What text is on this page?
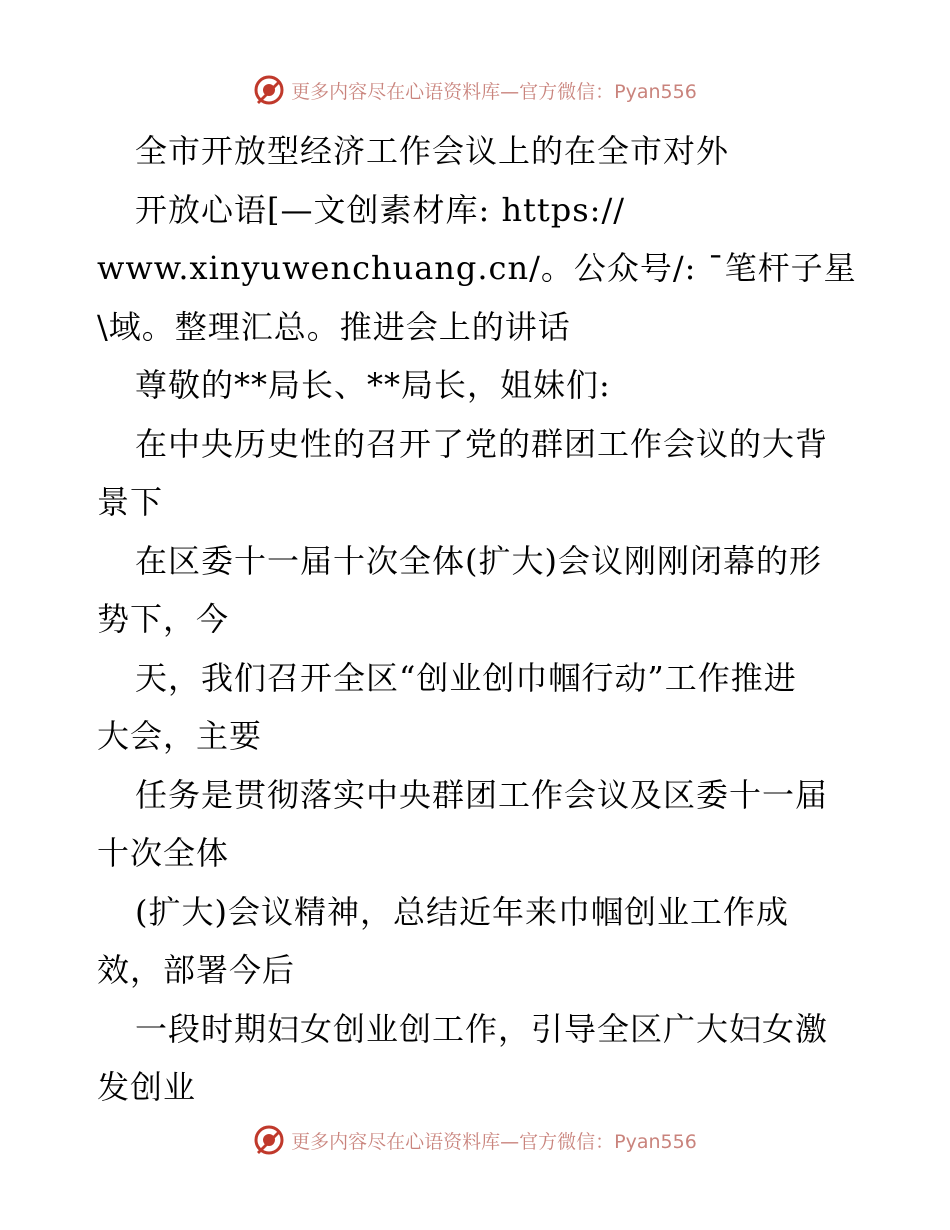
更多内容尽在心语资料库—官方微信：Pyan556
全市开放型经济工作会议上的在全市对外
开放心语[—文创素材库: https://
www.xinyuwenchuang.cn/。公众号/: ¯笔杆子星
\域。整理汇总。推进会上的讲话
尊敬的**局长、**局长，姐妹们:
在中央历史性的召开了党的群团工作会议的大背
景下
在区委十一届十次全体(扩大)会议刚刚闭幕的形
势下，今
天，我们召开全区“创业创巾帼行动”工作推进
大会，主要
任务是贯彻落实中央群团工作会议及区委十一届
十次全体
(扩大)会议精神，总结近年来巾帼创业工作成
效，部署今后
一段时期妇女创业创工作，引导全区广大妇女激
发创业
更多内容尽在心语资料库—官方微信：Pyan556
